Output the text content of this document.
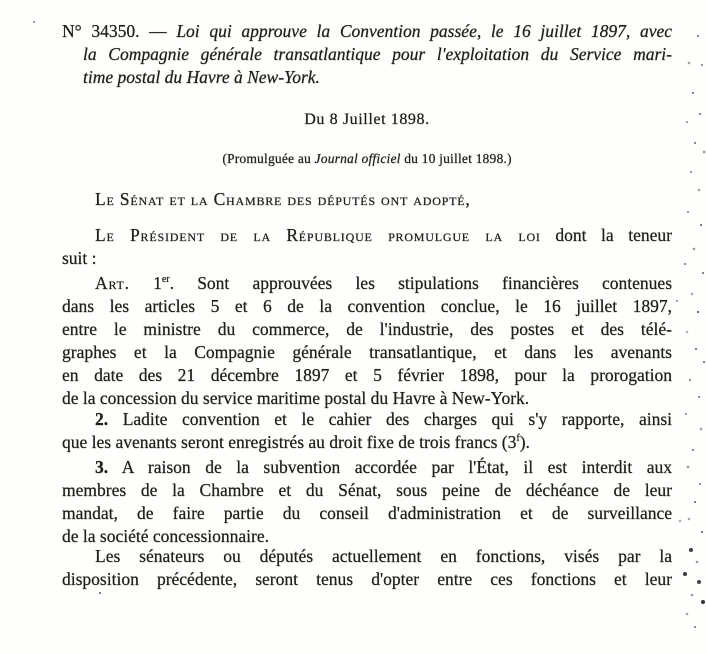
N° 34350. — Loi qui approuve la Convention passée, le 16 juillet 1897, avec
la Compagnie générale transatlantique pour l'exploitation du Service mari-
time postal du Havre à New-York.
Du 8 Juillet 1898.
(Promulguée au Journal officiel du 10 juillet 1898.)
Le Sénat et la Chambre des députés ont adopté,
Le Président de la République promulgue la loi dont la teneur
suit :
Art. 1er. Sont approuvées les stipulations financières contenues
dans les articles 5 et 6 de la convention conclue, le 16 juillet 1897,
entre le ministre du commerce, de l'industrie, des postes et des télé-
graphes et la Compagnie générale transatlantique, et dans les avenants
en date des 21 décembre 1897 et 5 février 1898, pour la prorogation
de la concession du service maritime postal du Havre à New-York.
2. Ladite convention et le cahier des charges qui s'y rapporte, ainsi
que les avenants seront enregistrés au droit fixe de trois francs (3$^f$).
3. A raison de la subvention accordée par l'État, il est interdit aux
membres de la Chambre et du Sénat, sous peine de déchéance de leur
mandat, de faire partie du conseil d'administration et de surveillance
de la société concessionnaire.
Les sénateurs ou députés actuellement en fonctions, visés par la
disposition précédente, seront tenus d'opter entre ces fonctions et leur
